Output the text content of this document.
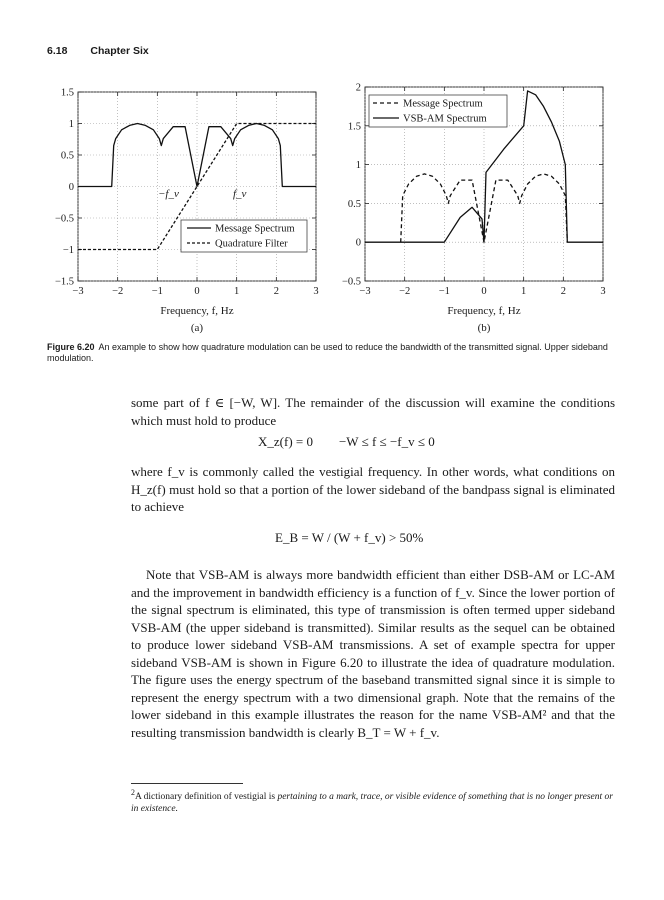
6.18 Chapter Six
−3	−2	−1	0	1	2	3
1.5
1
0.5
0
−0.5
−1
−1.5
−f_v	f_v
Message Spectrum
Quadrature Filter
Frequency, f, Hz
(a)
−3	−2	−1	0	1	2	3
2
1.5
1
0.5
0
−0.5
Message Spectrum
VSB-AM Spectrum
Frequency, f, Hz
(b)
Figure 6.20 An example to show how quadrature modulation can be used to reduce the bandwidth of the transmitted signal. Upper sideband modulation.
some part of f ∈ [−W, W]. The remainder of the discussion will examine the conditions which must hold to produce
X_z(f) = 0        −W ≤ f ≤ −f_v ≤ 0
where f_v is commonly called the vestigial frequency. In other words, what conditions on H_z(f) must hold so that a portion of the lower sideband of the bandpass signal is eliminated to achieve
E_B = W / (W + f_v) > 50%
Note that VSB-AM is always more bandwidth efficient than either DSB-AM or LC-AM and the improvement in bandwidth efficiency is a function of f_v. Since the lower portion of the signal spectrum is eliminated, this type of transmission is often termed upper sideband VSB-AM (the upper sideband is transmitted). Similar results as the sequel can be obtained to produce lower sideband VSB-AM transmissions. A set of example spectra for upper sideband VSB-AM is shown in Figure 6.20 to illustrate the idea of quadrature modulation. The figure uses the energy spectrum of the baseband transmitted signal since it is simple to represent the energy spectrum with a two dimensional graph. Note that the remains of the lower sideband in this example illustrates the reason for the name VSB-AM² and that the resulting transmission bandwidth is clearly B_T = W + f_v.
$^2$A dictionary definition of vestigial is pertaining to a mark, trace, or visible evidence of something that is no longer present or in existence.
